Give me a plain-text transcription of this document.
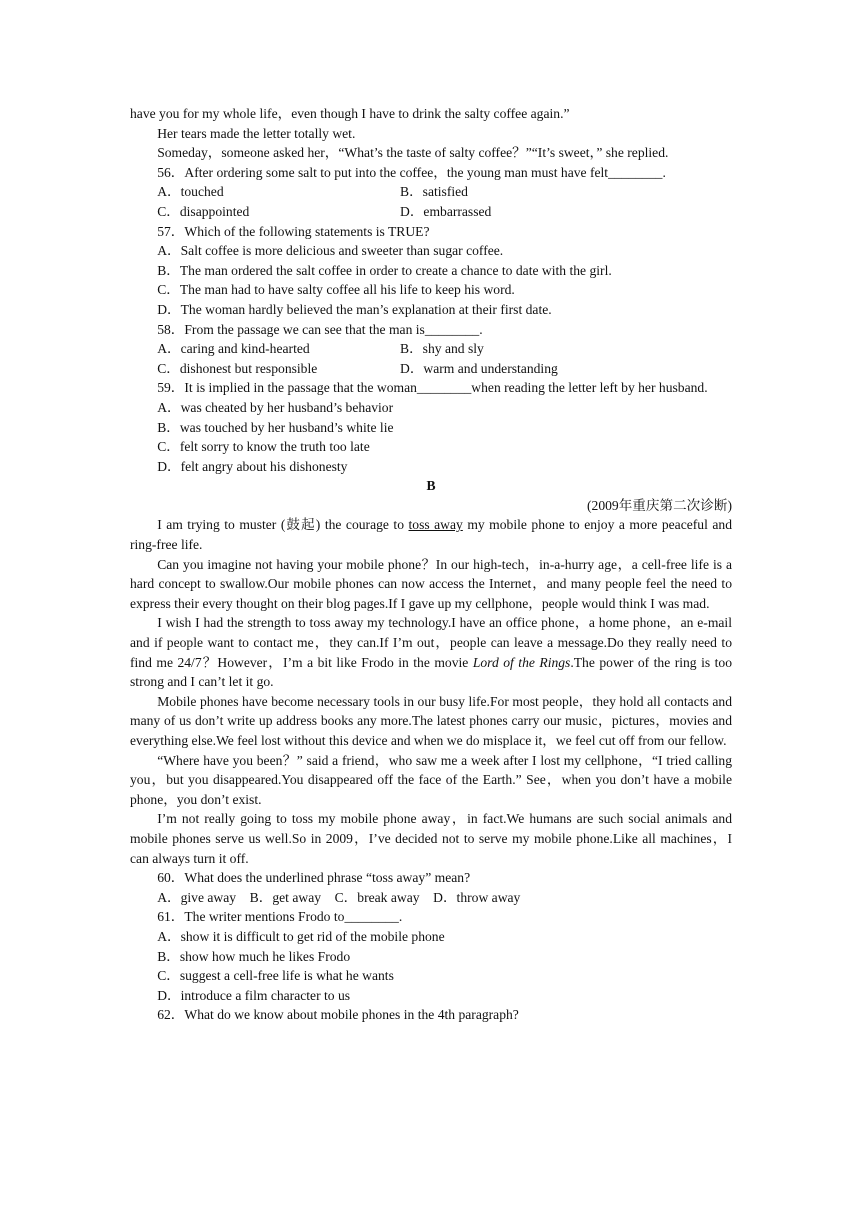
have you for my whole life，even though I have to drink the salty coffee again.”
Her tears made the letter totally wet.
Someday，someone asked her，“What’s the taste of salty coffee？”“It’s sweet，” she replied.
56．After ordering some salt to put into the coffee，the young man must have felt________.
A．touched	B．satisfied
C．disappointed	D．embarrassed
57．Which of the following statements is TRUE?
A．Salt coffee is more delicious and sweeter than sugar coffee.
B．The man ordered the salt coffee in order to create a chance to date with the girl.
C．The man had to have salty coffee all his life to keep his word.
D．The woman hardly believed the man’s explanation at their first date.
58．From the passage we can see that the man is________.
A．caring and kind-hearted	B．shy and sly
C．dishonest but responsible	D．warm and understanding
59．It is implied in the passage that the woman________when reading the letter left by her husband.
A．was cheated by her husband’s behavior
B．was touched by her husband’s white lie
C．felt sorry to know the truth too late
D．felt angry about his dishonesty
B
(2009年重庆第二次诊断)
I am trying to muster (鼓起) the courage to toss away my mobile phone to enjoy a more peaceful and ring-free life.
Can you imagine not having your mobile phone？In our high-tech，in-a-hurry age，a cell-free life is a hard concept to swallow.Our mobile phones can now access the Internet，and many people feel the need to express their every thought on their blog pages.If I gave up my cellphone，people would think I was mad.
I wish I had the strength to toss away my technology.I have an office phone，a home phone，an e-mail and if people want to contact me，they can.If I’m out，people can leave a message.Do they really need to find me 24/7？However，I’m a bit like Frodo in the movie Lord of the Rings.The power of the ring is too strong and I can’t let it go.
Mobile phones have become necessary tools in our busy life.For most people，they hold all contacts and many of us don’t write up address books any more.The latest phones carry our music，pictures，movies and everything else.We feel lost without this device and when we do misplace it，we feel cut off from our fellow.
“Where have you been？” said a friend，who saw me a week after I lost my cellphone，“I tried calling you，but you disappeared.You disappeared off the face of the Earth.” See，when you don’t have a mobile phone，you don’t exist.
I’m not really going to toss my mobile phone away，in fact.We humans are such social animals and mobile phones serve us well.So in 2009，I’ve decided not to serve my mobile phone.Like all machines，I can always turn it off.
60．What does the underlined phrase “toss away” mean?
A．give away　B．get away　C．break away　D．throw away
61．The writer mentions Frodo to________.
A．show it is difficult to get rid of the mobile phone
B．show how much he likes Frodo
C．suggest a cell-free life is what he wants
D．introduce a film character to us
62．What do we know about mobile phones in the 4th paragraph?
